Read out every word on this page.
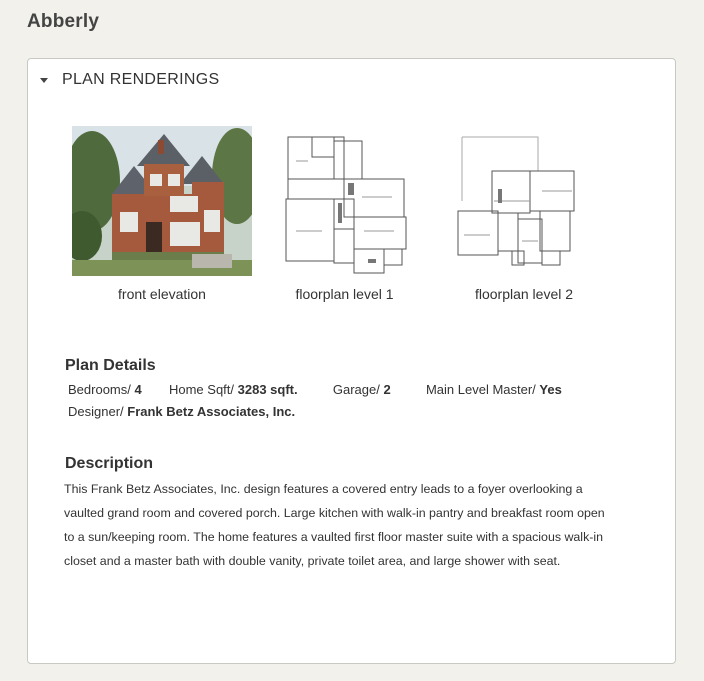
Abberly
PLAN RENDERINGS
front elevation	floorplan level 1	floorplan level 2
Plan Details
Bedrooms/ 4 Home Sqft/ 3283 sqft.	Garage/ 2	Main Level Master/ Yes
Designer/ Frank Betz Associates, Inc.
Description
This Frank Betz Associates, Inc. design features a covered entry leads to a foyer overlooking a vaulted grand room and covered porch. Large kitchen with walk-in pantry and breakfast room open to a sun/keeping room. The home features a vaulted first floor master suite with a spacious walk-in closet and a master bath with double vanity, private toilet area, and large shower with seat.
